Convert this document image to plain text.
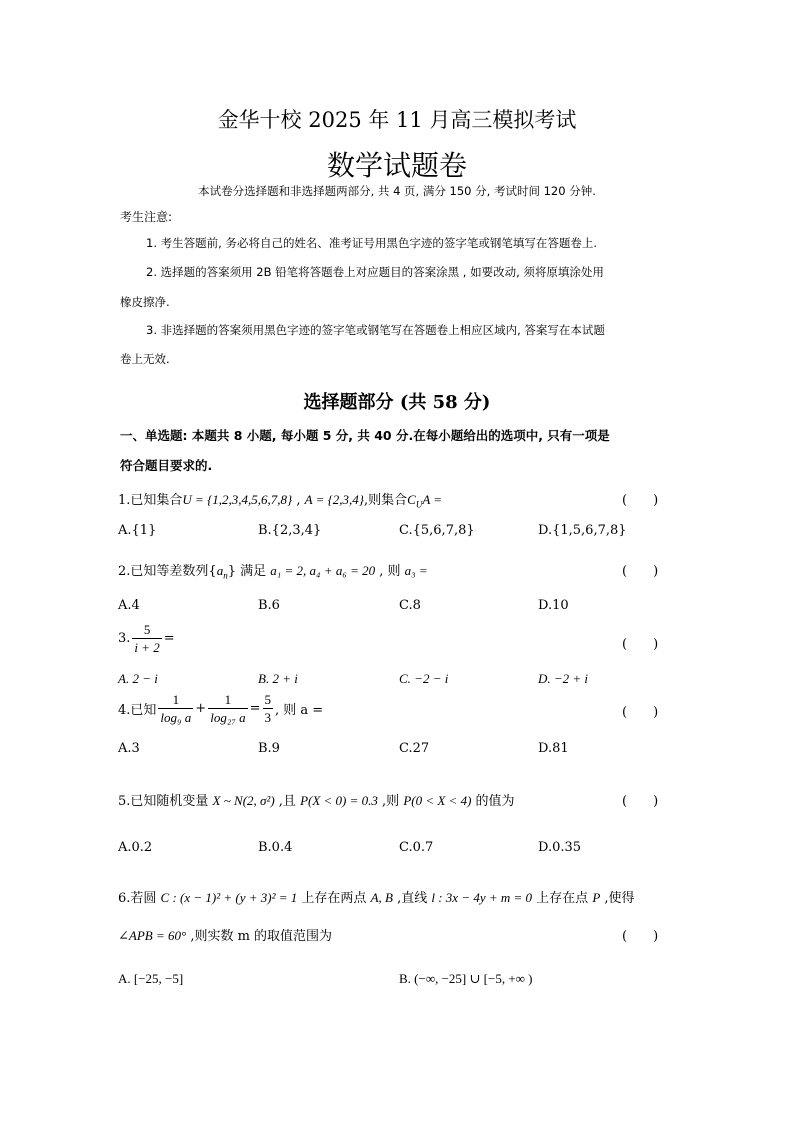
金华十校 2025 年 11 月高三模拟考试
数学试题卷
本试卷分选择题和非选择题两部分, 共 4 页, 满分 150 分, 考试时间 120 分钟.
考生注意:
1. 考生答题前, 务必将自己的姓名、准考证号用黑色字迹的签字笔或钢笔填写在答题卷上.
2. 选择题的答案须用 2B 铅笔将答题卷上对应题目的答案涂黑 , 如要改动, 须将原填涂处用
橡皮擦净.
3. 非选择题的答案须用黑色字迹的签字笔或钢笔写在答题卷上相应区域内, 答案写在本试题
卷上无效.
选择题部分 (共 58 分)
一、单选题: 本题共 8 小题, 每小题 5 分, 共 40 分.在每小题给出的选项中, 只有一项是
符合题目要求的.
1.已知集合U = {1,2,3,4,5,6,7,8} , A = {2,3,4},则集合$C_UA$ =	(　　)
A.{1}	B.{2,3,4}	C.{5,6,7,8}	D.{1,5,6,7,8}
2.已知等差数列$\{a_n\}$ 满足 a₁ = 2, a₄ + a₆ = 20 , 则 a₃ =	(　　)
A.4	B.6	C.8	D.10
3. $\frac{5}{i + 2}$ =	(　　)
A. 2 − i	B. 2 + i	C. −2 − i	D. −2 + i
4.已知 $\frac{1}{\text{log₉ a}} + \frac{1}{\text{log₂₇ a}} = \frac{5}{3}$ , 则 a =	(　　)
A.3	B.9	C.27	D.81
5.已知随机变量 X ~ N(2, σ²) ,且 P(X < 0) = 0.3 ,则 P(0 < X < 4) 的值为	(　　)
A.0.2	B.0.4	C.0.7	D.0.35
6.若圆 C : (x − 1)² + (y + 3)² = 1 上存在两点 A, B ,直线 l : 3x − 4y + m = 0 上存在点 P ,使得
∠APB = 60° ,则实数 m 的取值范围为	(　　)
A. [−25, −5]	B. (−∞, −25] ∪ [−5, +∞ )
